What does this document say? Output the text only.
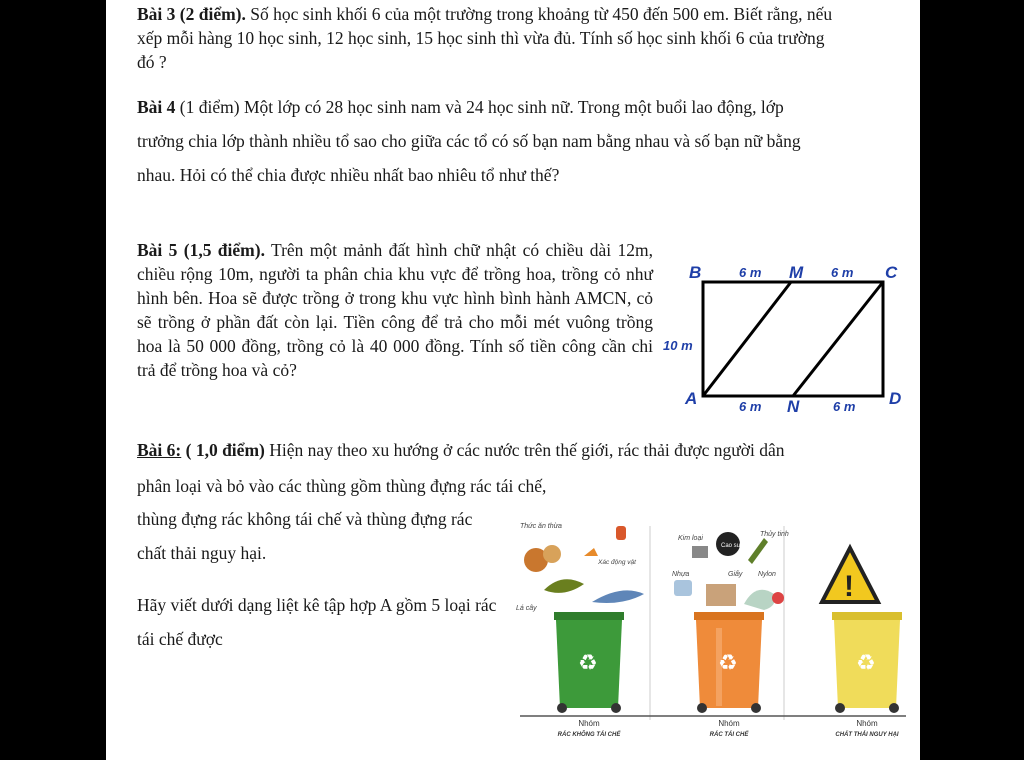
Bài 3 (2 điểm). Số học sinh khối 6 của một trường trong khoảng từ 450 đến 500 em. Biết rằng, nếu xếp mỗi hàng 10 học sinh, 12 học sinh, 15 học sinh thì vừa đủ. Tính số học sinh khối 6 của trường đó ?

Bài 4 (1 điểm) Một lớp có 28 học sinh nam và 24 học sinh nữ. Trong một buổi lao động, lớp trưởng chia lớp thành nhiều tổ sao cho giữa các tổ có số bạn nam bằng nhau và số bạn nữ bằng nhau. Hỏi có thể chia được nhiều nhất bao nhiêu tổ như thế?

Bài 5 (1,5 điểm). Trên một mảnh đất hình chữ nhật có chiều dài 12m, chiều rộng 10m, người ta phân chia khu vực để trồng hoa, trồng cỏ như hình bên. Hoa sẽ được trồng ở trong khu vực hình bình hành AMCN, cỏ sẽ trồng ở phần đất còn lại. Tiền công để trả cho mỗi mét vuông trồng hoa là 50 000 đồng, trồng cỏ là 40 000 đồng. Tính số tiền công cần chi trả để trồng hoa và cỏ?

B	M	C
A	N	D
6 m	6 m
6 m	6 m
10 m

Bài 6: ( 1,0 điểm) Hiện nay theo xu hướng ở các nước trên thế giới, rác thải được người dân phân loại và bỏ vào các thùng gồm thùng đựng rác tái chế,

thùng đựng rác không tái chế và thùng đựng rác chất thải nguy hại.

Hãy viết dưới dạng liệt kê tập hợp A gồm 5 loại rác tái chế được

Thức ăn thừa
Xác động vật
Lá cây
♻
Kim loại
Cao su
Thủy tinh
Nhựa	Giấy Nylon
♻
!
♻
Nhóm	Nhóm	Nhóm
RÁC KHÔNG TÁI CHẾ	RÁC TÁI CHẾ	CHẤT THẢI NGUY HẠI
